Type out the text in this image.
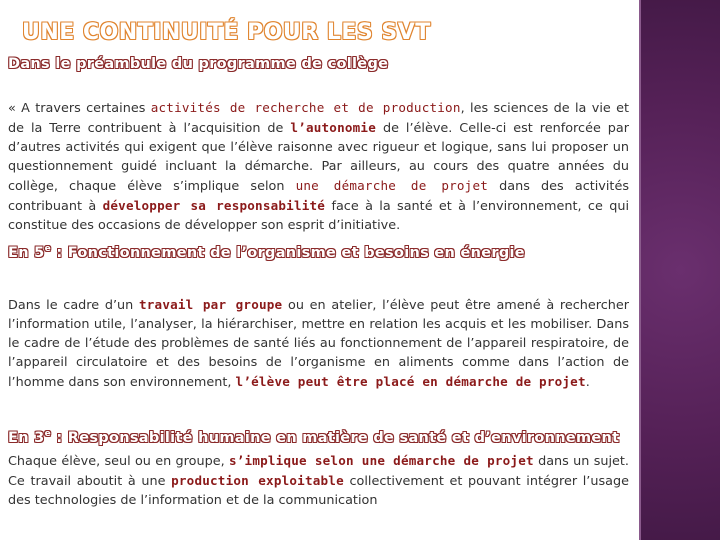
UNE CONTINUITÉ POUR LES SVT
Dans le préambule du programme de collège

« A travers certaines activités de recherche et de production, les sciences de la vie et de la Terre contribuent à l’acquisition de l’autonomie de l’élève. Celle-ci est renforcée par d’autres activités qui exigent que l’élève raisonne avec rigueur et logique, sans lui proposer un questionnement guidé incluant la démarche. Par ailleurs, au cours des quatre années du collège, chaque élève s’implique selon une démarche de projet dans des activités contribuant à développer sa responsabilité face à la santé et à l’environnement, ce qui constitue des occasions de développer son esprit d’initiative.

En 5e : Fonctionnement de l’organisme et besoins en énergie

Dans le cadre d’un travail par groupe ou en atelier, l’élève peut être amené à rechercher l’information utile, l’analyser, la hiérarchiser, mettre en relation les acquis et les mobiliser. Dans le cadre de l’étude des problèmes de santé liés au fonctionnement de l’appareil respiratoire, de l’appareil circulatoire et des besoins de l’organisme en aliments comme dans l’action de l’homme dans son environnement, l’élève peut être placé en démarche de projet.

En 3e : Responsabilité humaine en matière de santé et d’environnement

Chaque élève, seul ou en groupe, s’implique selon une démarche de projet dans un sujet. Ce travail aboutit à une production exploitable collectivement et pouvant intégrer l’usage des technologies de l’information et de la communication
